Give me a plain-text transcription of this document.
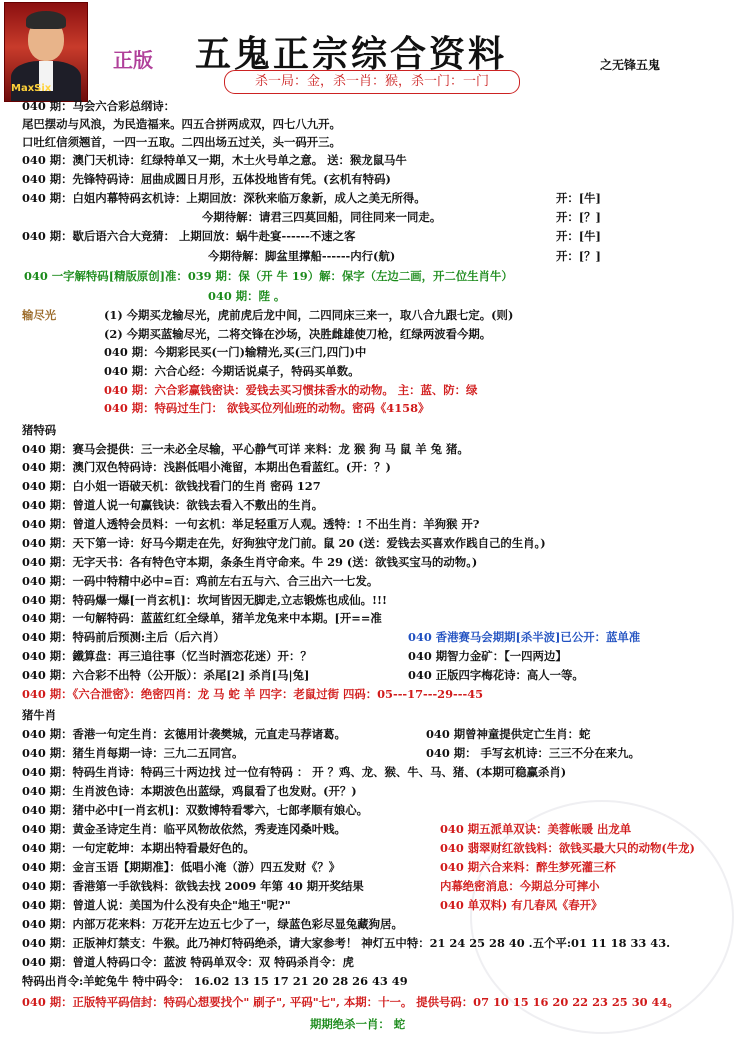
MaxSix
正版 五鬼正宗综合资料
杀一局：金，杀一肖：猴，杀一门：一门
之无锋五鬼
040 期：马会六合彩总纲诗：
尾巴摆动与风浪，为民造福来。四五合拼两成双，四七八九开。
口吐红信须翘首，一四一五取。二四出场五过关，头一码开三。
040 期：澳门天机诗：红绿特单又一期，木土火号单之意。 送：猴龙鼠马牛
040 期：先锋特码诗：屈曲成圆日月形，五体投地皆有凭。(玄机有特码)
040 期：白姐内幕特码玄机诗：上期回放：深秋来临万象新，成人之美无所得。
今期待解：请君三四莫回船，同往同来一同走。
040 期：歇后语六合大竞猜： 上期回放：蜗牛赴宴------不速之客
今期待解：脚盆里撑船------内行(航)
040 一字解特码[精版原创]准：039 期：保（开 牛 19）解：保字（左边二画，开二位生肖牛）
040 期：陛 。
(1) 今期买龙输尽光，虎前虎后龙中间，二四同床三来一，取八合九跟七定。(则)
(2) 今期买蓝输尽光，二将交锋在沙场，决胜雌雄使刀枪，红绿两波看今期。
040 期：今期彩民买(一门)输精光,买(三门,四门)中
040 期：六合心经：今期话说桌子，特码买单数。
040 期：六合彩赢钱密诀：爱钱去买习惯抹香水的动物。 主：蓝、防：绿
040 期：特码过生门： 欲钱买位列仙班的动物。密码《4158》
猪特码
040 期：赛马会提供：三一未必全尽输，平心静气可详 来料：龙 猴 狗 马 鼠 羊 兔 猪。
040 期：澳门双色特码诗：浅斟低唱小淹留，本期出色看蓝红。(开：？)
040 期：白小姐一语破天机：欲钱找看门的生肖 密码 127
040 期：曾道人说一句赢钱诀：欲钱去看入不敷出的生肖。
040 期：曾道人透特会员料：一句玄机：举足轻重万人观。透特：! 不出生肖：羊狗猴 开?
040 期：天下第一诗：好马今期走在先，好狗独守龙门前。鼠 20 (送：爱钱去买喜欢作践自己的生肖。)
040 期：无字天书：各有特色守本期，条条生肖守命来。牛 29 (送：欲钱买宝马的动物。)
040 期：一码中特精中必中=百：鸡前左右五与六、合三出六一七发。
040 期：特码爆一爆[一肖玄机]：坎坷皆因无脚走,立志锻炼也成仙。!!!
040 期：一句解特码：蓝蓝红红全绿单，猪羊龙兔来中本期。[开==准
040 期：特码前后预测:主后（后六肖）
040 期：鐵算盘：再三追往事（忆当时酒恋花迷）开：？
040 期：六合彩不出特（公开版）：杀尾[2] 杀肖[马|兔]
040 期：《六合泄密》：绝密四肖：龙 马 蛇 羊 四字：老鼠过街 四码：05---17---29---45
猪牛肖
040 期：香港一句定生肖：玄德用计袭樊城，元直走马荐诸葛。
040 期：猪生肖每期一诗：三九二五同宫。
040 期：特码生肖诗：特码三十两边找 过一位有特码 ： 开 ？鸡、龙、猴、牛、马、猪、(本期可稳赢杀肖)
040 期：生肖波色诗：本期波色出蓝绿，鸡鼠看了也发财。(开？)
040 期：猪中必中[一肖玄机]：双数博特看零六，七郎孝顺有娘心。
040 期：黄金圣诗定生肖：临平风物故依然，秀麦连冈桑叶贱。
040 期：一句定乾坤：本期出特看最好色的。
040 期：金言玉语【期期准】：低唱小淹（游）四五发财《？》
040 期：香港第一手欲钱料：欲钱去找 2009 年第 40 期开奖结果
040 期：曾道人说：美国为什么没有央企"地王"呢?"
040 期：内部万花来料：万花开左边五七少了一，绿蓝色彩尽显兔藏狗居。
040 期：正版神灯禁支：牛猴。此乃神灯特码绝杀，请大家参考！ 神灯五中特：21 24 25 28 40 .五个平:01 11 18 33 43.
040 期：曾道人特码口令：蓝波 特码单双令：双 特码杀肖令：虎
特码出肖令:羊蛇兔牛 特中码令： 16.02 13 15 17 21 20 28 26 43 49
040 期：正版特平码信封：特码心想要找个" 刷子", 平码"七", 本期：十一。 提供号码：07 10 15 16 20 22 23 25 30 44。
期期绝杀一肖： 蛇
开：[牛]
开：[？]
开：[牛]
开：[？]
输尽光
040 香港赛马会期期[杀半波]已公开：蓝单准
040 期智力金矿：【一四两边】
040 正版四字梅花诗：高人一等。
040 期曾神童提供定亡生肖：蛇
040 期： 手写玄机诗：三三不分在来九。
040 期五派单双诀：美蓉帐暖 出龙单
040 翡翠财红欲钱料：欲钱买最大只的动物(牛龙)
040 期六合来料：醉生梦死灌三杯
内幕绝密消息：今期总分可摔小
040 单双料) 有几春风《春开》
